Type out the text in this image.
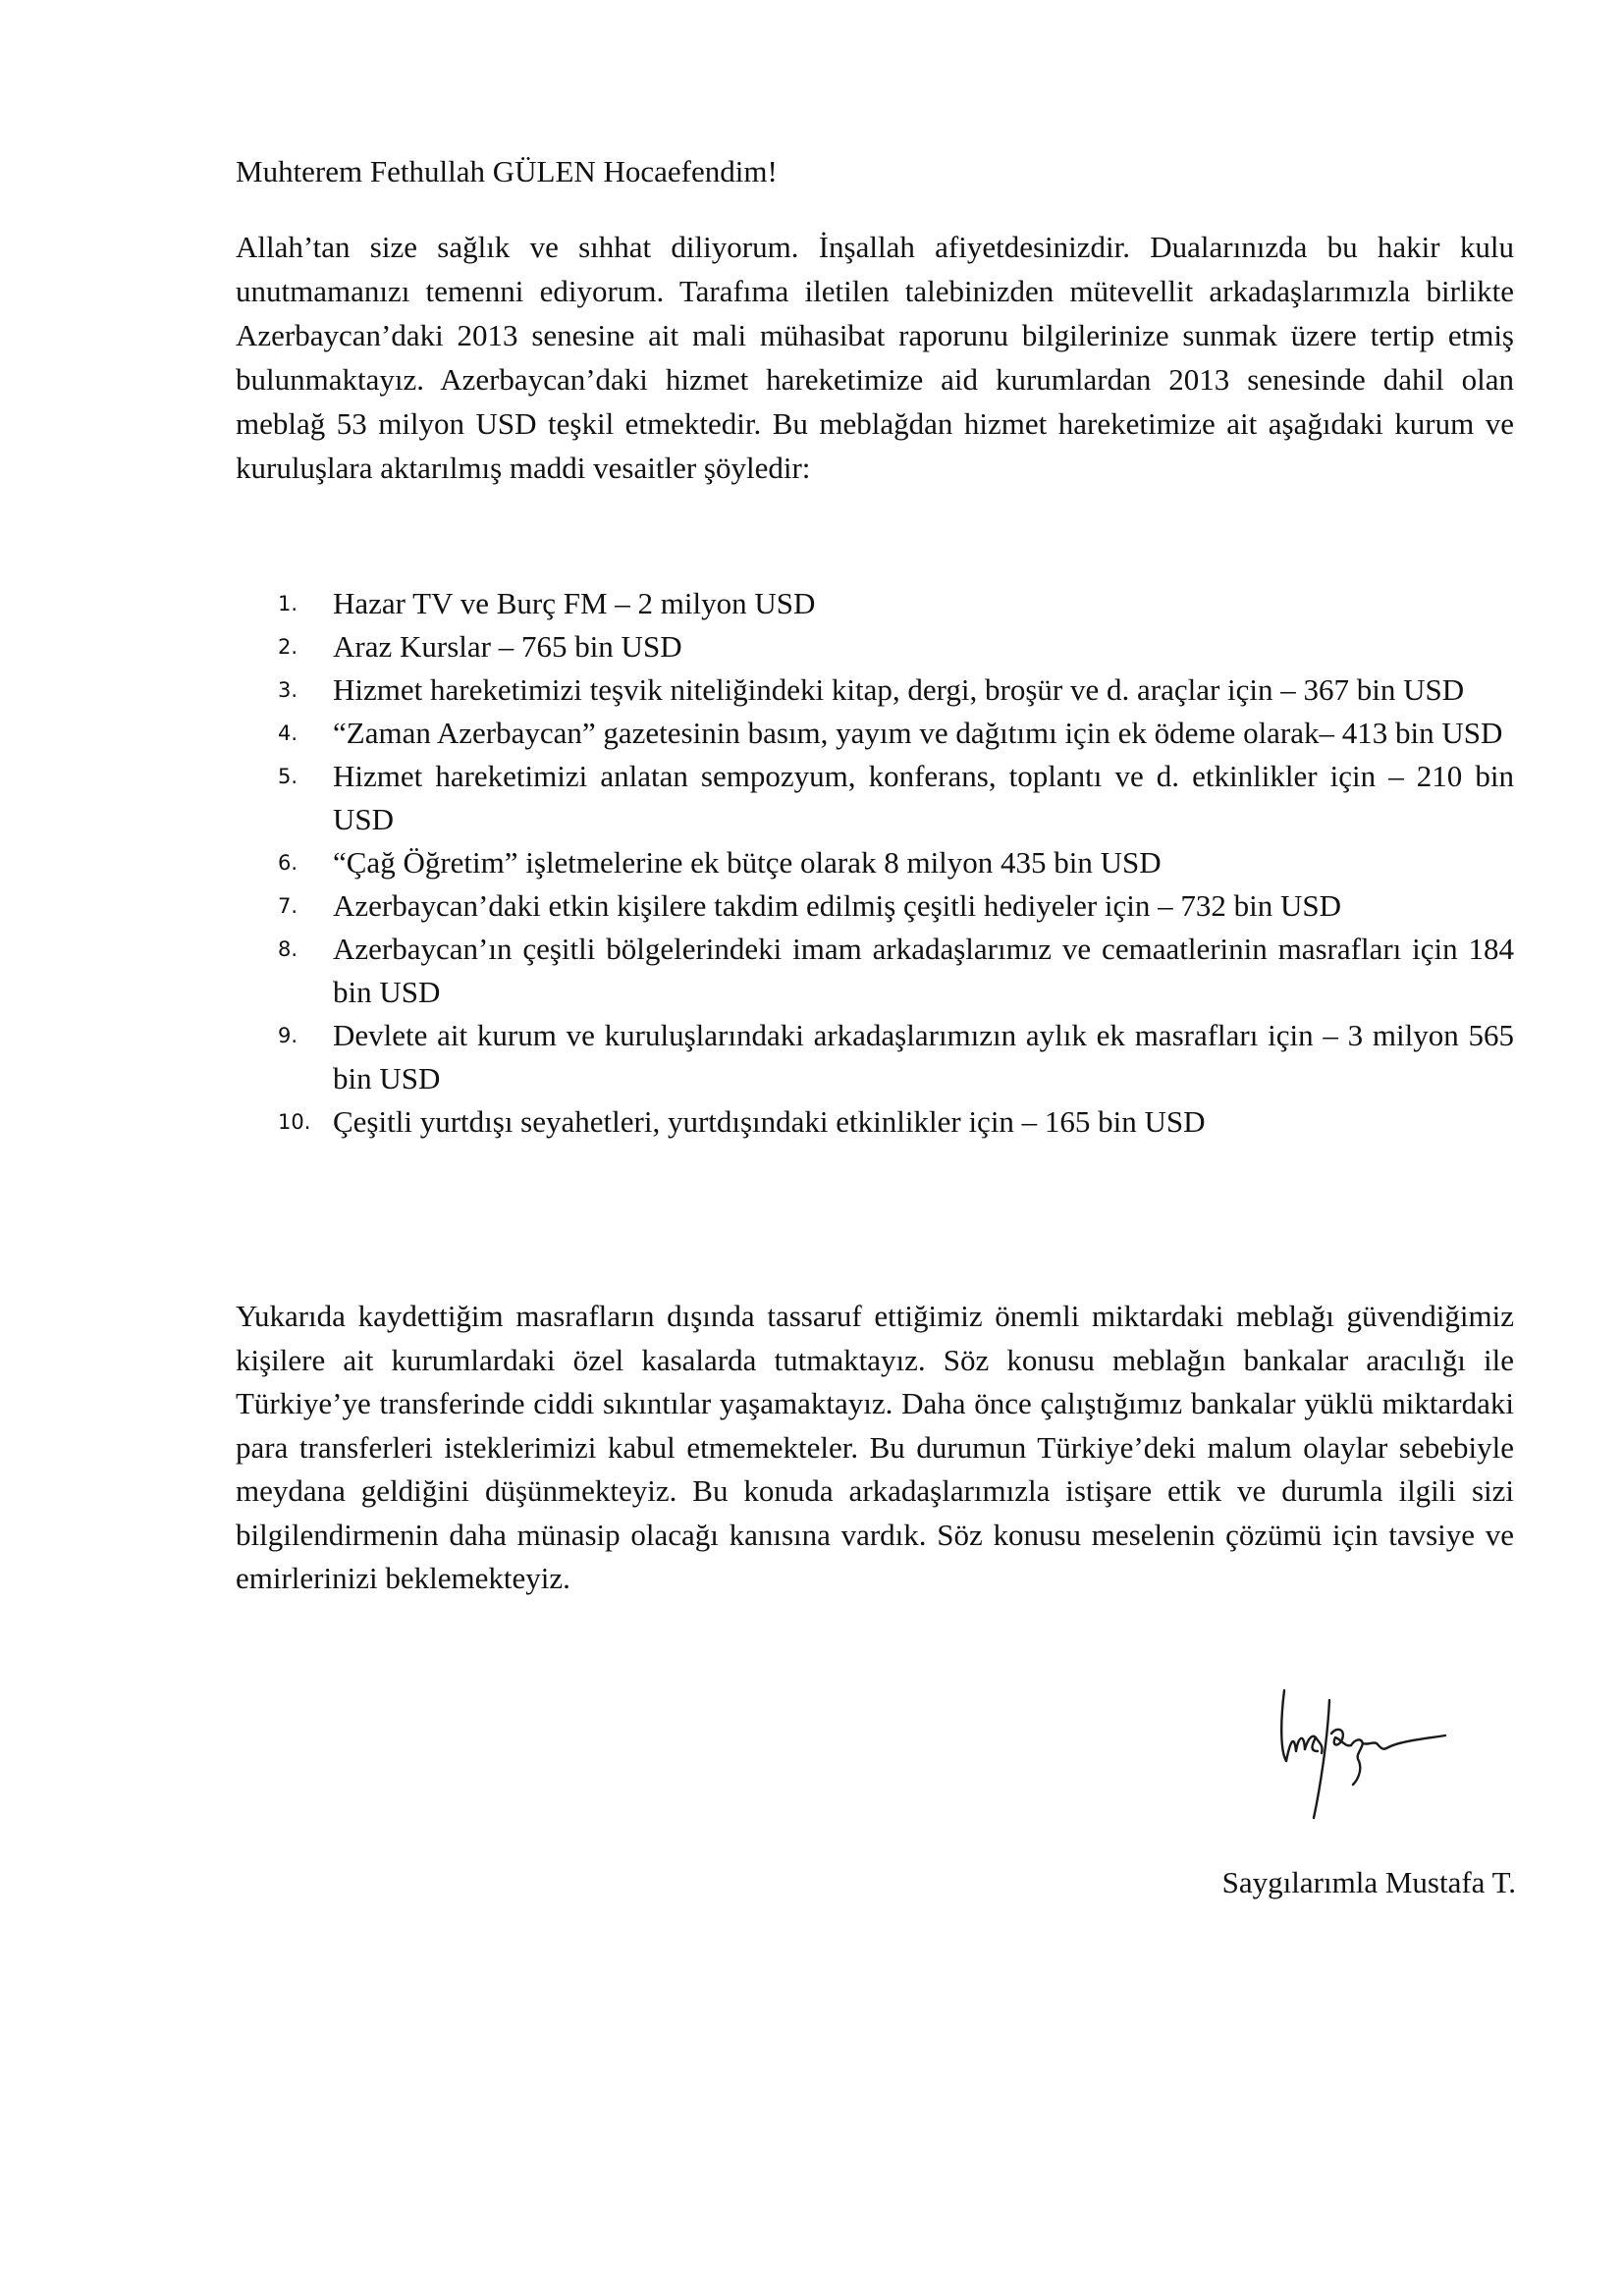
Muhterem Fethullah GÜLEN Hocaefendim!

Allah’tan size sağlık ve sıhhat diliyorum. İnşallah afiyetdesinizdir. Dualarınızda bu hakir kulu unutmamanızı temenni ediyorum. Tarafıma iletilen talebinizden mütevellit arkadaşlarımızla birlikte Azerbaycan’daki 2013 senesine ait mali mühasibat raporunu bilgilerinize sunmak üzere tertip etmiş bulunmaktayız. Azerbaycan’daki hizmet hareketimize aid kurumlardan 2013 senesinde dahil olan meblağ 53 milyon USD teşkil etmektedir. Bu meblağdan hizmet hareketimize ait aşağıdaki kurum ve kuruluşlara aktarılmış maddi vesaitler şöyledir:

1. Hazar TV ve Burç FM – 2 milyon USD
2. Araz Kurslar – 765 bin USD
3. Hizmet hareketimizi teşvik niteliğindeki kitap, dergi, broşür ve d. araçlar için – 367 bin USD
4. “Zaman Azerbaycan” gazetesinin basım, yayım ve dağıtımı için ek ödeme olarak– 413 bin USD
5. Hizmet hareketimizi anlatan sempozyum, konferans, toplantı ve d. etkinlikler için – 210 bin USD
6. “Çağ Öğretim” işletmelerine ek bütçe olarak 8 milyon 435 bin USD
7. Azerbaycan’daki etkin kişilere takdim edilmiş çeşitli hediyeler için – 732 bin USD
8. Azerbaycan’ın çeşitli bölgelerindeki imam arkadaşlarımız ve cemaatlerinin masrafları için 184 bin USD
9. Devlete ait kurum ve kuruluşlarındaki arkadaşlarımızın aylık ek masrafları için – 3 milyon 565 bin USD
10. Çeşitli yurtdışı seyahetleri, yurtdışındaki etkinlikler için – 165 bin USD

Yukarıda kaydettiğim masrafların dışında tassaruf ettiğimiz önemli miktardaki meblağı güvendiğimiz kişilere ait kurumlardaki özel kasalarda tutmaktayız. Söz konusu meblağın bankalar aracılığı ile Türkiye’ye transferinde ciddi sıkıntılar yaşamaktayız. Daha önce çalıştığımız bankalar yüklü miktardaki para transferleri isteklerimizi kabul etmemekteler. Bu durumun Türkiye’deki malum olaylar sebebiyle meydana geldiğini düşünmekteyiz. Bu konuda arkadaşlarımızla istişare ettik ve durumla ilgili sizi bilgilendirmenin daha münasip olacağı kanısına vardık. Söz konusu meselenin çözümü için tavsiye ve emirlerinizi beklemekteyiz.

Saygılarımla Mustafa T.
